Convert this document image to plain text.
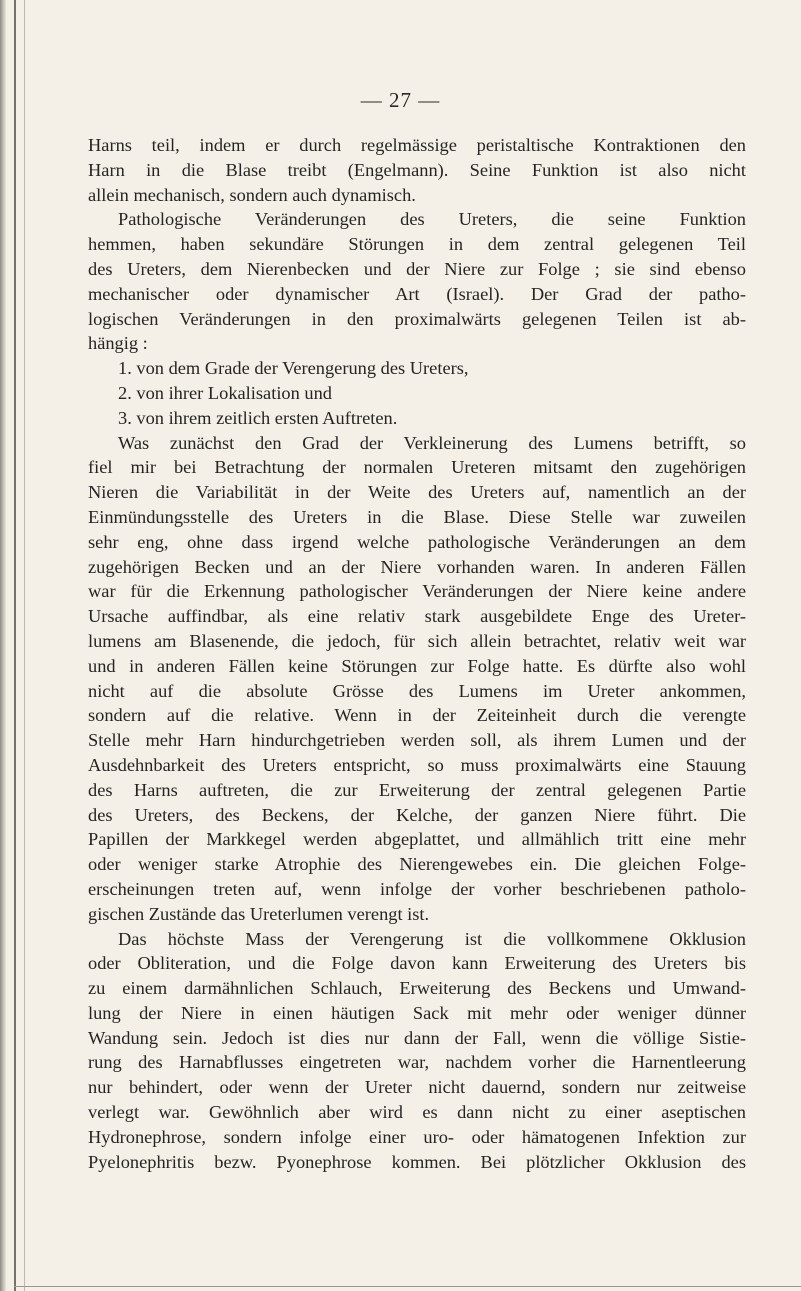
— 27 —
Harns teil, indem er durch regelmässige peristaltische Kontraktionen den
Harn in die Blase treibt (Engelmann). Seine Funktion ist also nicht
allein mechanisch, sondern auch dynamisch.
Pathologische Veränderungen des Ureters, die seine Funktion
hemmen, haben sekundäre Störungen in dem zentral gelegenen Teil
des Ureters, dem Nierenbecken und der Niere zur Folge ; sie sind ebenso
mechanischer oder dynamischer Art (Israel). Der Grad der patho-
logischen Veränderungen in den proximalwärts gelegenen Teilen ist ab-
hängig :
1. von dem Grade der Verengerung des Ureters,
2. von ihrer Lokalisation und
3. von ihrem zeitlich ersten Auftreten.
Was zunächst den Grad der Verkleinerung des Lumens betrifft, so
fiel mir bei Betrachtung der normalen Ureteren mitsamt den zugehörigen
Nieren die Variabilität in der Weite des Ureters auf, namentlich an der
Einmündungsstelle des Ureters in die Blase. Diese Stelle war zuweilen
sehr eng, ohne dass irgend welche pathologische Veränderungen an dem
zugehörigen Becken und an der Niere vorhanden waren. In anderen Fällen
war für die Erkennung pathologischer Veränderungen der Niere keine andere
Ursache auffindbar, als eine relativ stark ausgebildete Enge des Ureter-
lumens am Blasenende, die jedoch, für sich allein betrachtet, relativ weit war
und in anderen Fällen keine Störungen zur Folge hatte. Es dürfte also wohl
nicht auf die absolute Grösse des Lumens im Ureter ankommen,
sondern auf die relative. Wenn in der Zeiteinheit durch die verengte
Stelle mehr Harn hindurchgetrieben werden soll, als ihrem Lumen und der
Ausdehnbarkeit des Ureters entspricht, so muss proximalwärts eine Stauung
des Harns auftreten, die zur Erweiterung der zentral gelegenen Partie
des Ureters, des Beckens, der Kelche, der ganzen Niere führt. Die
Papillen der Markkegel werden abgeplattet, und allmählich tritt eine mehr
oder weniger starke Atrophie des Nierengewebes ein. Die gleichen Folge-
erscheinungen treten auf, wenn infolge der vorher beschriebenen patholo-
gischen Zustände das Ureterlumen verengt ist.
Das höchste Mass der Verengerung ist die vollkommene Okklusion
oder Obliteration, und die Folge davon kann Erweiterung des Ureters bis
zu einem darmähnlichen Schlauch, Erweiterung des Beckens und Umwand-
lung der Niere in einen häutigen Sack mit mehr oder weniger dünner
Wandung sein. Jedoch ist dies nur dann der Fall, wenn die völlige Sistie-
rung des Harnabflusses eingetreten war, nachdem vorher die Harnentleerung
nur behindert, oder wenn der Ureter nicht dauernd, sondern nur zeitweise
verlegt war. Gewöhnlich aber wird es dann nicht zu einer aseptischen
Hydronephrose, sondern infolge einer uro- oder hämatogenen Infektion zur
Pyelonephritis bezw. Pyonephrose kommen. Bei plötzlicher Okklusion des
